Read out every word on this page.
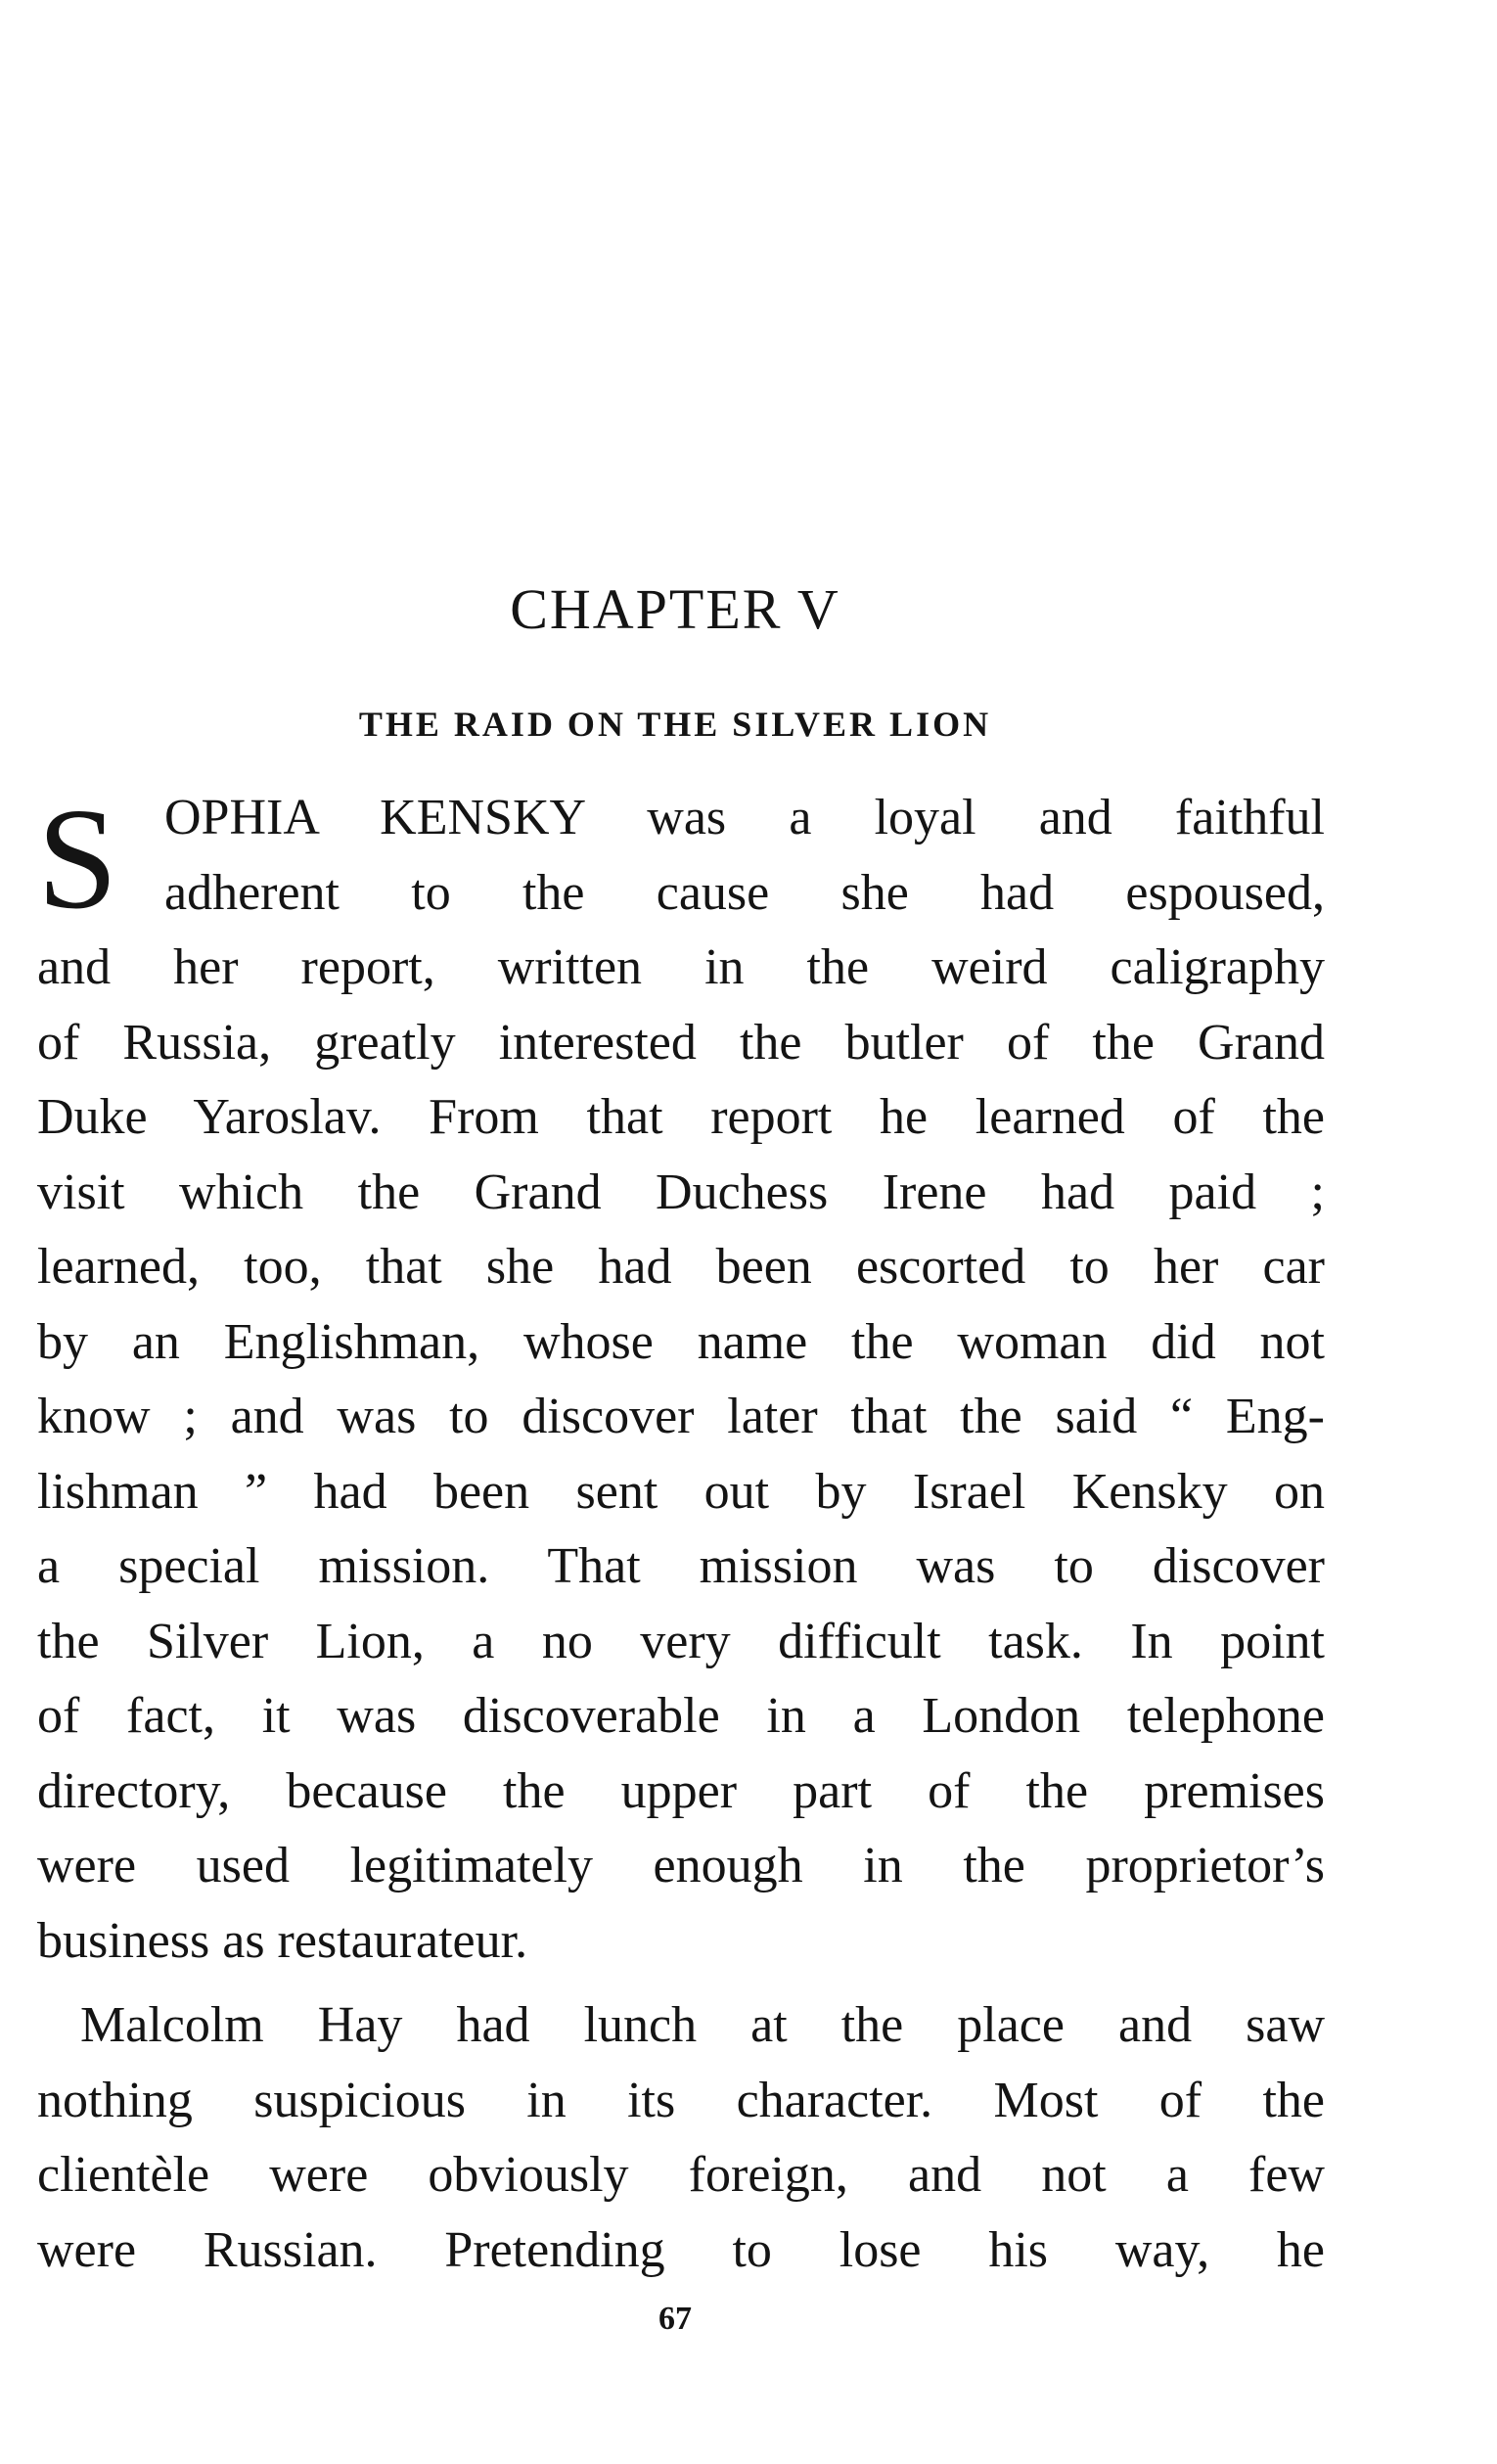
CHAPTER V
THE RAID ON THE SILVER LION
S OPHIA KENSKY was a loyal and faithful
adherent to the cause she had espoused,
and her report, written in the weird caligraphy
of Russia, greatly interested the butler of the Grand
Duke Yaroslav. From that report he learned of the
visit which the Grand Duchess Irene had paid ;
learned, too, that she had been escorted to her car
by an Englishman, whose name the woman did not
know ; and was to discover later that the said “ Eng-
lishman ” had been sent out by Israel Kensky on
a special mission. That mission was to discover
the Silver Lion, a no very difficult task. In point
of fact, it was discoverable in a London telephone
directory, because the upper part of the premises
were used legitimately enough in the proprietor’s
business as restaurateur.
Malcolm Hay had lunch at the place and saw
nothing suspicious in its character. Most of the
clientèle were obviously foreign, and not a few
were Russian. Pretending to lose his way, he
67
